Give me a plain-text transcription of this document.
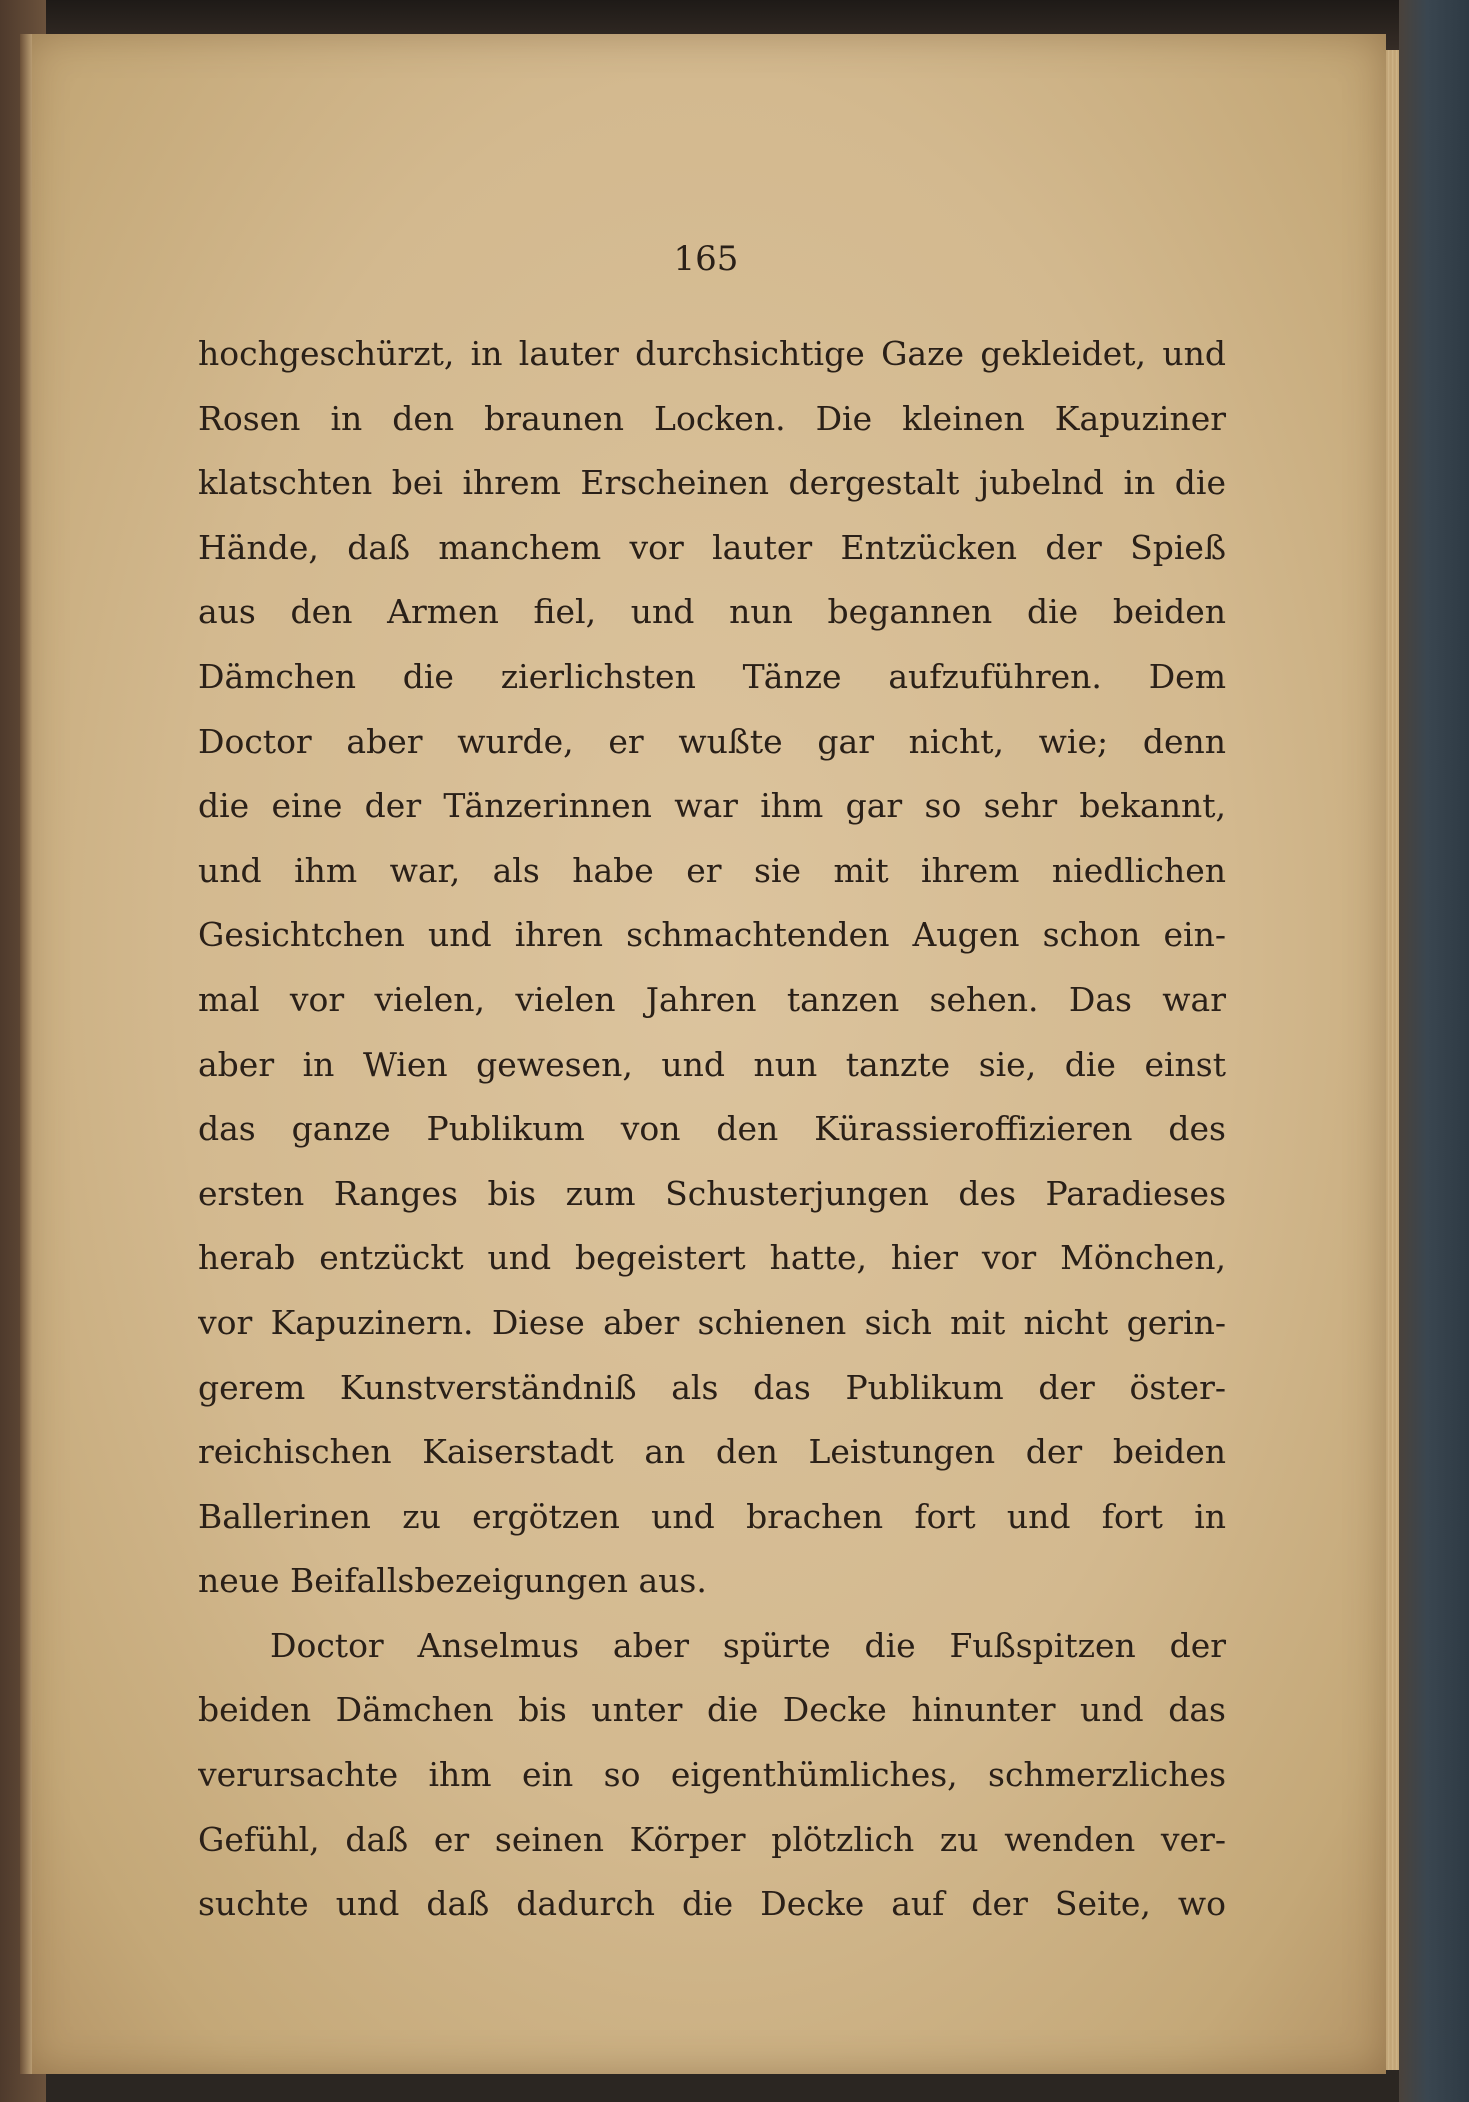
165
hochgeschürzt, in lauter durchsichtige Gaze gekleidet, und
Rosen in den braunen Locken. Die kleinen Kapuziner
klatschten bei ihrem Erscheinen dergestalt jubelnd in die
Hände, daß manchem vor lauter Entzücken der Spieß
aus den Armen fiel, und nun begannen die beiden
Dämchen die zierlichsten Tänze aufzuführen. Dem
Doctor aber wurde, er wußte gar nicht, wie; denn
die eine der Tänzerinnen war ihm gar so sehr bekannt,
und ihm war, als habe er sie mit ihrem niedlichen
Gesichtchen und ihren schmachtenden Augen schon ein-
mal vor vielen, vielen Jahren tanzen sehen. Das war
aber in Wien gewesen, und nun tanzte sie, die einst
das ganze Publikum von den Kürassieroffizieren des
ersten Ranges bis zum Schusterjungen des Paradieses
herab entzückt und begeistert hatte, hier vor Mönchen,
vor Kapuzinern. Diese aber schienen sich mit nicht gerin-
gerem Kunstverständniß als das Publikum der öster-
reichischen Kaiserstadt an den Leistungen der beiden
Ballerinen zu ergötzen und brachen fort und fort in
neue Beifallsbezeigungen aus.
Doctor Anselmus aber spürte die Fußspitzen der
beiden Dämchen bis unter die Decke hinunter und das
verursachte ihm ein so eigenthümliches, schmerzliches
Gefühl, daß er seinen Körper plötzlich zu wenden ver-
suchte und daß dadurch die Decke auf der Seite, wo
